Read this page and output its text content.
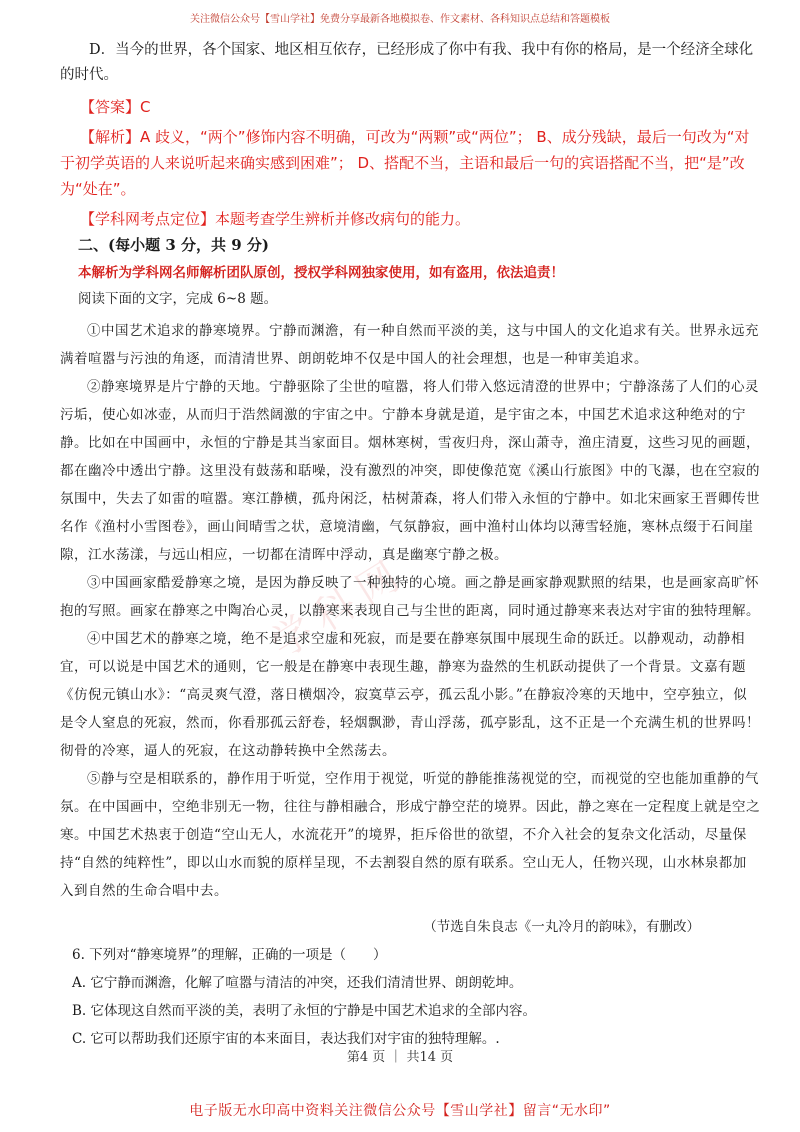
关注微信公众号【雪山学社】免费分享最新各地模拟卷、作文素材、各科知识点总结和答题模板
学科网

D．当今的世界，各个国家、地区相互依存，已经形成了你中有我、我中有你的格局，是一个经济全球化的时代。

【答案】C

【解析】A 歧义，“两个”修饰内容不明确，可改为“两颗”或“两位”； B、成分残缺，最后一句改为“对于初学英语的人来说听起来确实感到困难”； D、搭配不当，主语和最后一句的宾语搭配不当，把“是”改为“处在”。

【学科网考点定位】本题考查学生辨析并修改病句的能力。

二、(每小题 3 分，共 9 分)

本解析为学科网名师解析团队原创，授权学科网独家使用，如有盗用，依法追责！

阅读下面的文字，完成 6~8 题。

①中国艺术追求的静寒境界。宁静而渊澹，有一种自然而平淡的美，这与中国人的文化追求有关。世界永远充满着喧嚣与污浊的角逐，而清清世界、朗朗乾坤不仅是中国人的社会理想，也是一种审美追求。

②静寒境界是片宁静的天地。宁静驱除了尘世的喧嚣，将人们带入悠远清澄的世界中；宁静涤荡了人们的心灵污垢，使心如冰壶，从而归于浩然阔激的宇宙之中。宁静本身就是道，是宇宙之本，中国艺术追求这种绝对的宁静。比如在中国画中，永恒的宁静是其当家面目。烟林寒树，雪夜归舟，深山萧寺，渔庄清夏，这些习见的画题，都在幽冷中透出宁静。这里没有鼓荡和聒噪，没有激烈的冲突，即使像范宽《溪山行旅图》中的飞瀑，也在空寂的氛围中，失去了如雷的喧嚣。寒江静横，孤舟闲泛，枯树萧森，将人们带入永恒的宁静中。如北宋画家王晋卿传世名作《渔村小雪图卷》，画山间晴雪之状，意境清幽，气氛静寂，画中渔村山体均以薄雪轻施，寒林点缀于石间崖隙，江水荡漾，与远山相应，一切都在清晖中浮动，真是幽寒宁静之极。

③中国画家酷爱静寒之境，是因为静反映了一种独特的心境。画之静是画家静观默照的结果，也是画家高旷怀抱的写照。画家在静寒之中陶冶心灵，以静寒来表现自己与尘世的距离，同时通过静寒来表达对宇宙的独特理解。

④中国艺术的静寒之境，绝不是追求空虚和死寂，而是要在静寒氛围中展现生命的跃迁。以静观动，动静相宜，可以说是中国艺术的通则，它一般是在静寒中表现生趣，静寒为盎然的生机跃动提供了一个背景。文嘉有题《仿倪元镇山水》：“高灵爽气澄，落日横烟冷，寂寞草云亭，孤云乱小影。”在静寂冷寒的天地中，空亭独立，似是令人窒息的死寂，然而，你看那孤云舒卷，轻烟飘渺，青山浮荡，孤亭影乱，这不正是一个充满生机的世界吗！彻骨的冷寒，逼人的死寂，在这动静转换中全然荡去。

⑤静与空是相联系的，静作用于听觉，空作用于视觉，听觉的静能推荡视觉的空，而视觉的空也能加重静的气氛。在中国画中，空绝非别无一物，往往与静相融合，形成宁静空茫的境界。因此，静之寒在一定程度上就是空之寒。中国艺术热衷于创造“空山无人，水流花开”的境界，拒斥俗世的欲望，不介入社会的复杂文化活动，尽量保持“自然的纯粹性”，即以山水而貌的原样呈现，不去割裂自然的原有联系。空山无人，任物兴现，山水林泉都加入到自然的生命合唱中去。

（节选自朱良志《一丸冷月的韵味》，有删改）

6. 下列对“静寒境界”的理解，正确的一项是（　　）

A. 它宁静而渊澹，化解了喧嚣与清洁的冲突，还我们清清世界、朗朗乾坤。

B. 它体现这自然而平淡的美，表明了永恒的宁静是中国艺术追求的全部内容。

C. 它可以帮助我们还原宇宙的本来面目，表达我们对宇宙的独特理解。.

第4 页 ｜ 共14 页
电子版无水印高中资料关注微信公众号【雪山学社】留言“无水印”
